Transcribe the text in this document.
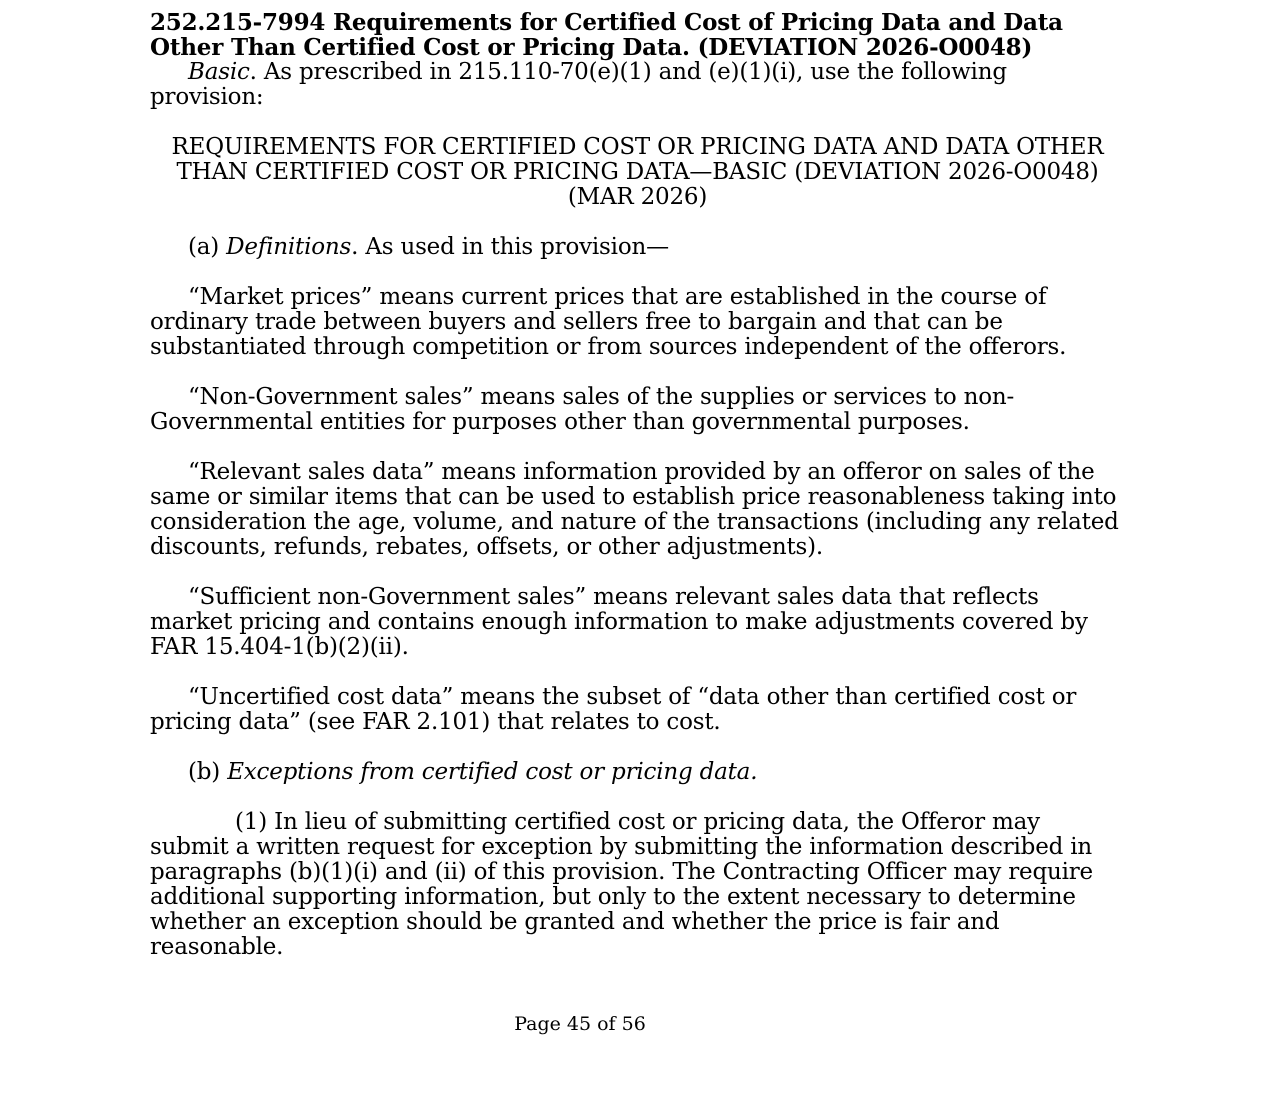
252.215-7994 Requirements for Certified Cost of Pricing Data and Data

Other Than Certified Cost or Pricing Data. (DEVIATION 2026-O0048)

Basic. As prescribed in 215.110-70(e)(1) and (e)(1)(i), use the following provision:

REQUIREMENTS FOR CERTIFIED COST OR PRICING DATA AND DATA OTHER THAN CERTIFIED COST OR PRICING DATA—BASIC (DEVIATION 2026-O0048) (MAR 2026)

(a) Definitions. As used in this provision—

“Market prices” means current prices that are established in the course of ordinary trade between buyers and sellers free to bargain and that can be substantiated through competition or from sources independent of the offerors.

“Non-Government sales” means sales of the supplies or services to non-Governmental entities for purposes other than governmental purposes.

“Relevant sales data” means information provided by an offeror on sales of the same or similar items that can be used to establish price reasonableness taking into consideration the age, volume, and nature of the transactions (including any related discounts, refunds, rebates, offsets, or other adjustments).

“Sufficient non-Government sales” means relevant sales data that reflects market pricing and contains enough information to make adjustments covered by FAR 15.404-1(b)(2)(ii).

“Uncertified cost data” means the subset of “data other than certified cost or pricing data” (see FAR 2.101) that relates to cost.

(b) Exceptions from certified cost or pricing data.

(1) In lieu of submitting certified cost or pricing data, the Offeror may submit a written request for exception by submitting the information described in paragraphs (b)(1)(i) and (ii) of this provision. The Contracting Officer may require additional supporting information, but only to the extent necessary to determine whether an exception should be granted and whether the price is fair and reasonable.

Page 45 of 56
